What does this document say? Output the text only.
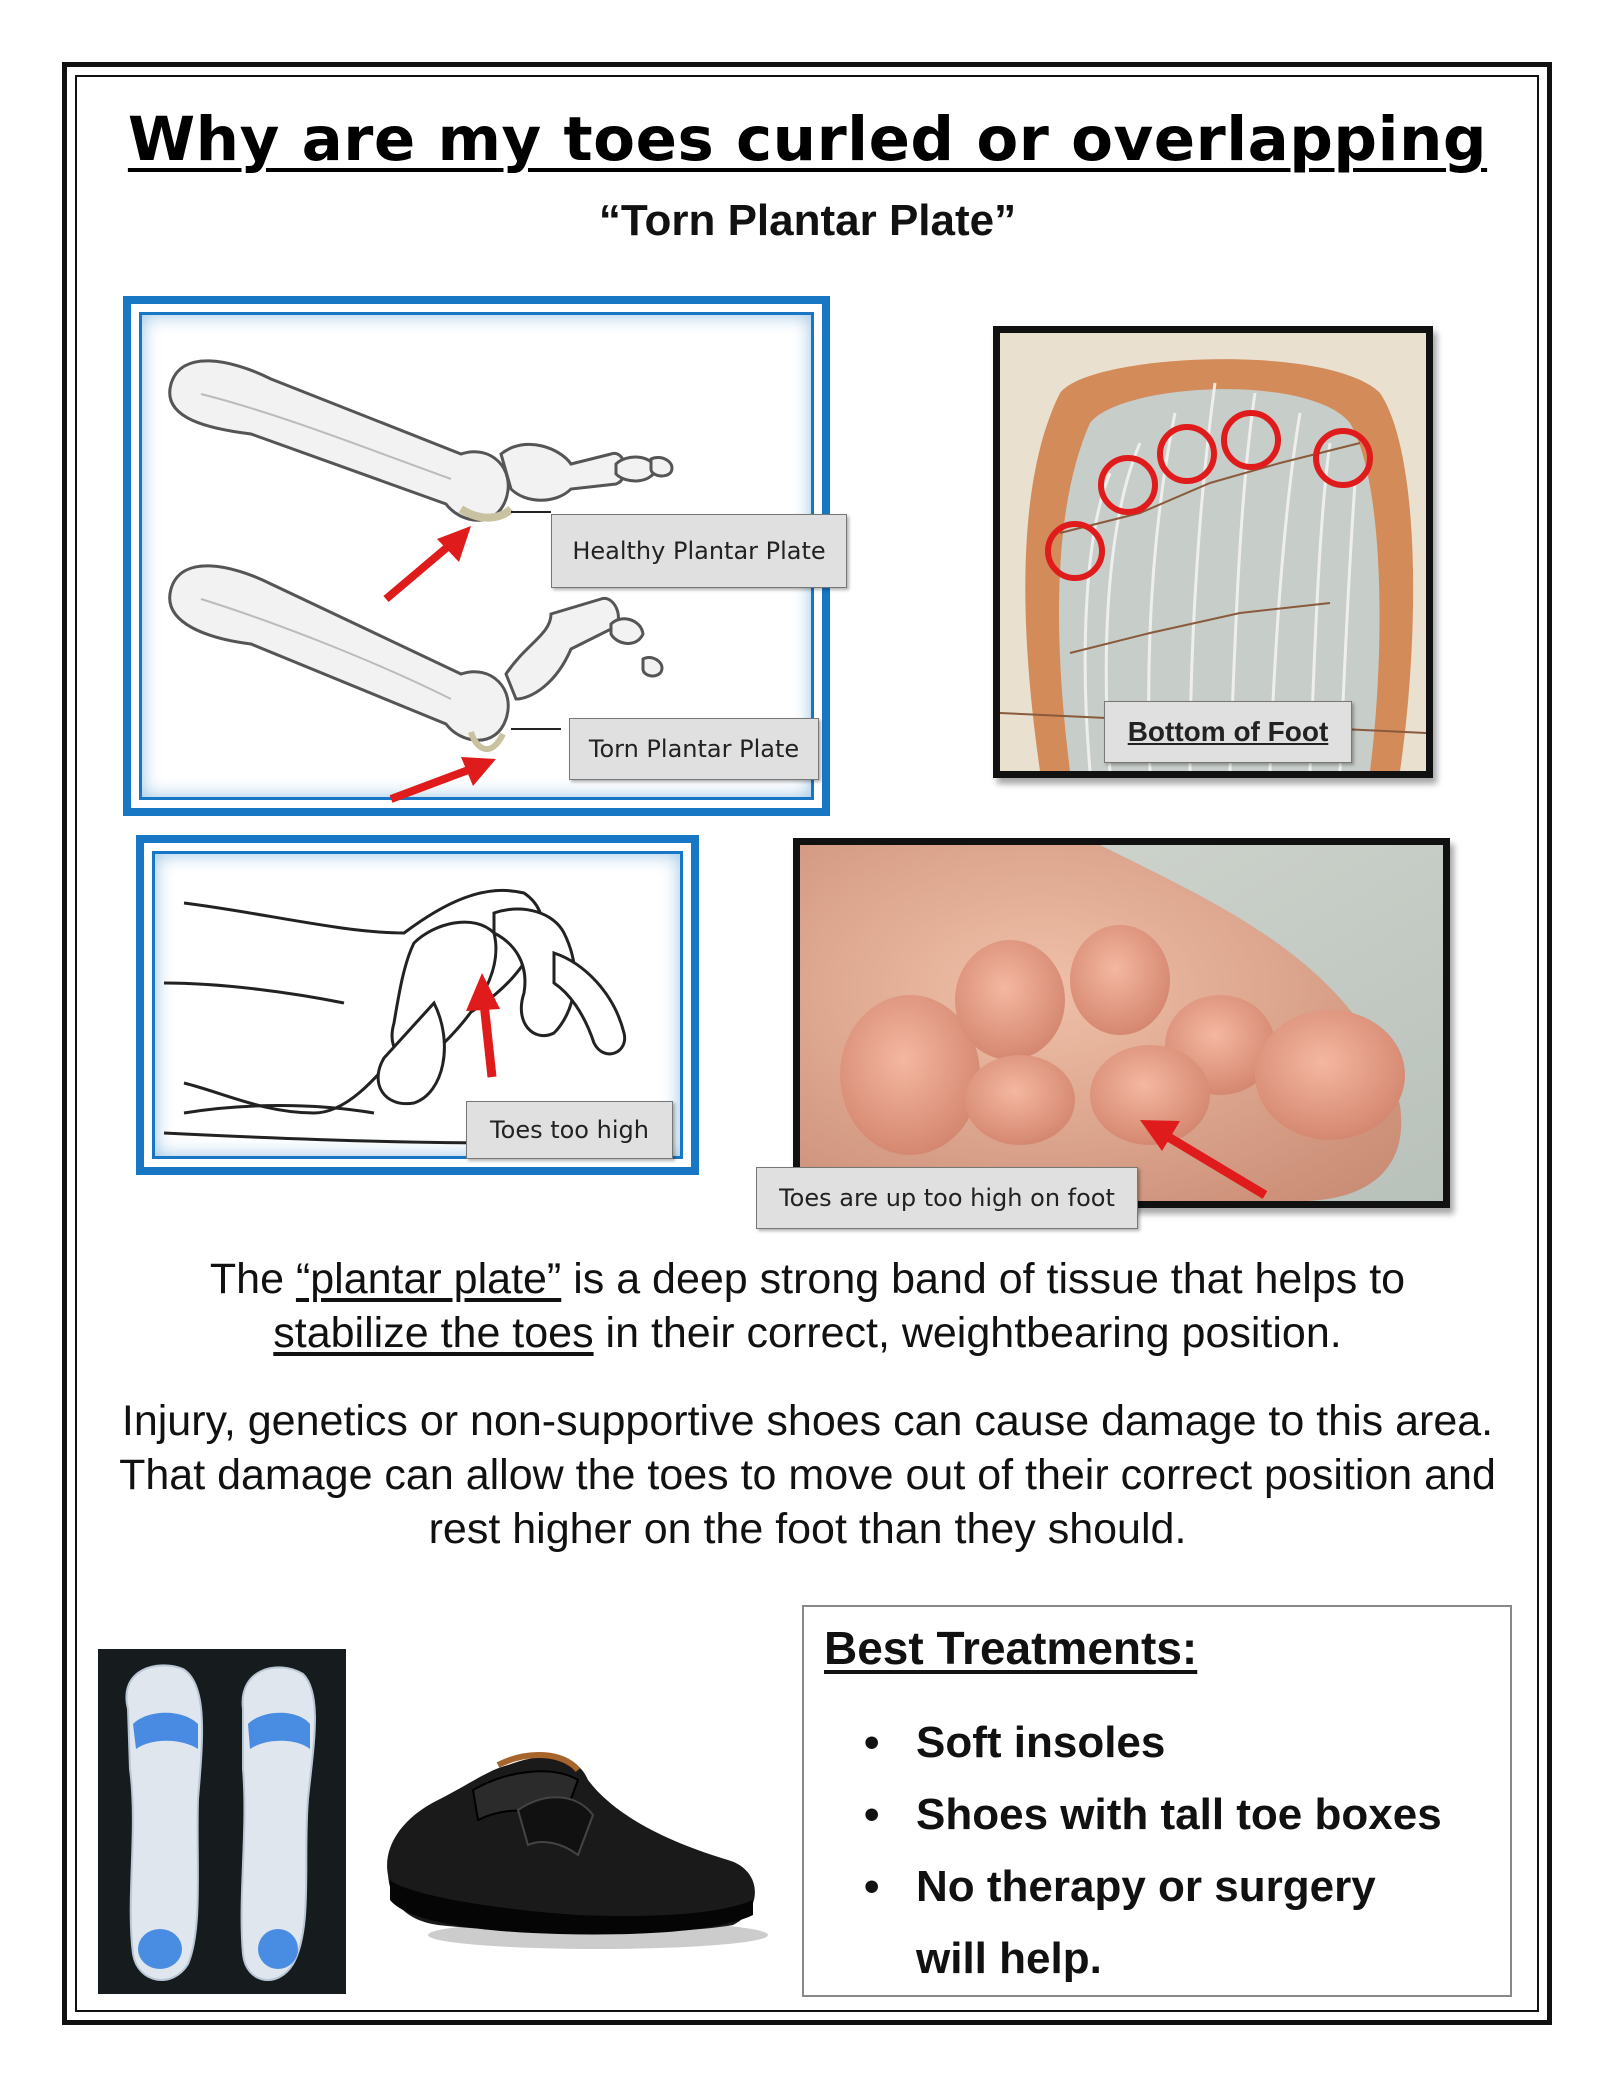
Why are my toes curled or overlapping
“Torn Plantar Plate”
Healthy Plantar Plate
Torn Plantar Plate
Bottom of Foot
Toes too high
Toes are up too high on foot
The “plantar plate” is a deep strong band of tissue that helps to
stabilize the toes in their correct, weightbearing position.
Injury, genetics or non-supportive shoes can cause damage to this area. That damage can allow the toes to move out of their correct position and rest higher on the foot than they should.
Best Treatments:
• Soft insoles
• Shoes with tall toe boxes
• No therapy or surgery will help.
